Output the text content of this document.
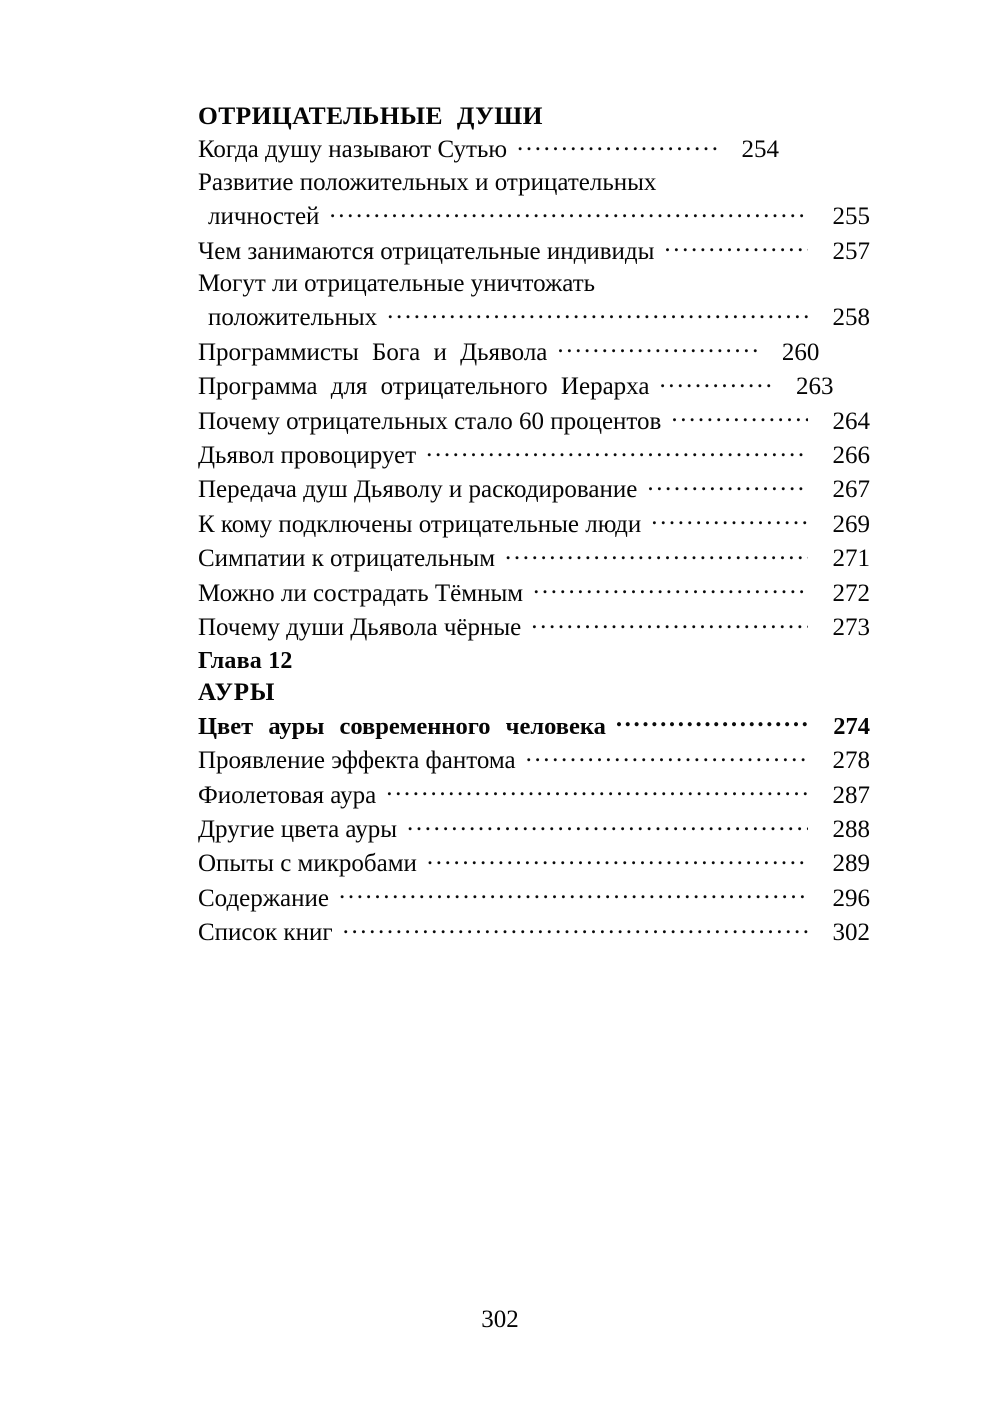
ОТРИЦАТЕЛЬНЫЕ ДУШИ
Когда душу называют Сутью .....	254
Развитие положительных и отрицательных
личностей .....	255
Чем занимаются отрицательные индивиды .....	257
Могут ли отрицательные уничтожать
положительных .....	258
Программисты Бога и Дьявола .....	260
Программа для отрицательного Иерарха .....	263
Почему отрицательных стало 60 процентов .....	264
Дьявол провоцирует .....	266
Передача душ Дьяволу и раскодирование .....	267
К кому подключены отрицательные люди .....	269
Симпатии к отрицательным .....	271
Можно ли сострадать Тёмным .....	272
Почему души Дьявола чёрные .....	273
Глава 12
АУРЫ
Цвет ауры современного человека .....	274
Проявление эффекта фантома .....	278
Фиолетовая аура .....	287
Другие цвета ауры .....	288
Опыты с микробами .....	289
Содержание .....	296
Список книг .....	302
302
